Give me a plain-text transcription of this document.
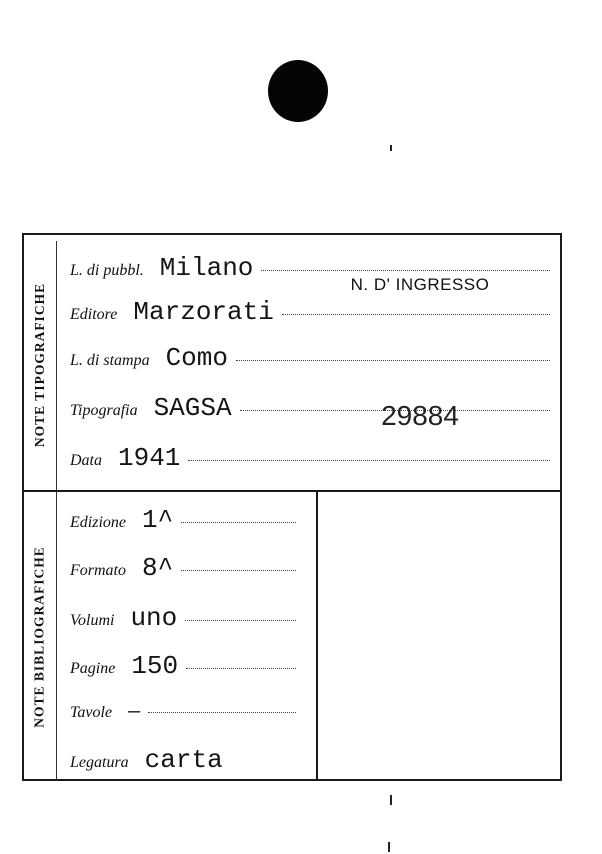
NOTE TIPOGRAFICHE
NOTE BIBLIOGRAFICHE
L. di pubbl. Milano
Editore Marzorati
L. di stampa Como
Tipografia SAGSA
Data 1941
Edizione 1^
Formato 8^
Volumi uno
Pagine 150
Tavole —
Legatura carta
N. D' INGRESSO
29884
